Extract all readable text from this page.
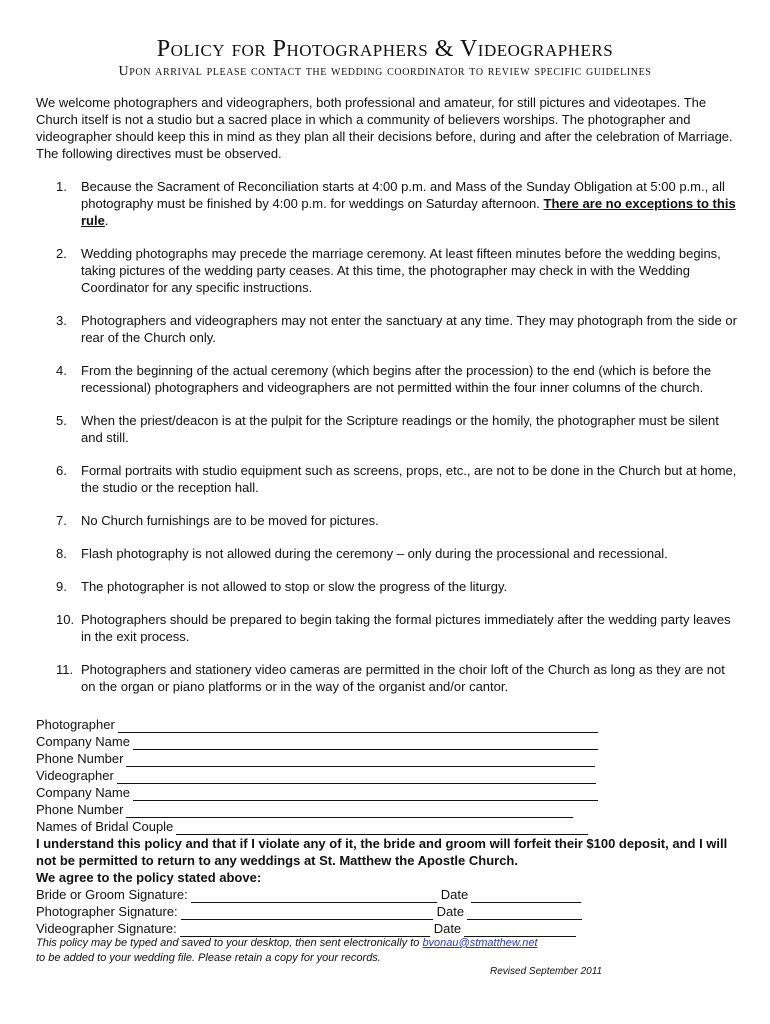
Policy for Photographers & Videographers

Upon arrival please contact the wedding coordinator to review specific guidelines

We welcome photographers and videographers, both professional and amateur, for still pictures and videotapes. The Church itself is not a studio but a sacred place in which a community of believers worships. The photographer and videographer should keep this in mind as they plan all their decisions before, during and after the celebration of Marriage. The following directives must be observed.

1.	Because the Sacrament of Reconciliation starts at 4:00 p.m. and Mass of the Sunday Obligation at 5:00 p.m., all photography must be finished by 4:00 p.m. for weddings on Saturday afternoon. There are no exceptions to this rule.
2.	Wedding photographs may precede the marriage ceremony. At least fifteen minutes before the wedding begins, taking pictures of the wedding party ceases. At this time, the photographer may check in with the Wedding Coordinator for any specific instructions.
3.	Photographers and videographers may not enter the sanctuary at any time. They may photograph from the side or rear of the Church only.
4.	From the beginning of the actual ceremony (which begins after the procession) to the end (which is before the recessional) photographers and videographers are not permitted within the four inner columns of the church.
5.	When the priest/deacon is at the pulpit for the Scripture readings or the homily, the photographer must be silent and still.
6.	Formal portraits with studio equipment such as screens, props, etc., are not to be done in the Church but at home, the studio or the reception hall.
7.	No Church furnishings are to be moved for pictures.
8.	Flash photography is not allowed during the ceremony – only during the processional and recessional.
9.	The photographer is not allowed to stop or slow the progress of the liturgy.
10. Photographers should be prepared to begin taking the formal pictures immediately after the wedding party leaves in the exit process.
11. Photographers and stationery video cameras are permitted in the choir loft of the Church as long as they are not on the organ or piano platforms or in the way of the organist and/or cantor.
Photographer
Company Name
Phone Number
Videographer
Company Name
Phone Number
Names of Bridal Couple

I understand this policy and that if I violate any of it, the bride and groom will forfeit their $100 deposit, and I will not be permitted to return to any weddings at St. Matthew the Apostle Church.
We agree to the policy stated above:

Bride or Groom Signature:	Date
Photographer Signature:	Date
Videographer Signature:	Date

This policy may be typed and saved to your desktop, then sent electronically to bvonau@stmatthew.net
to be added to your wedding file. Please retain a copy for your records.

Revised September 2011
